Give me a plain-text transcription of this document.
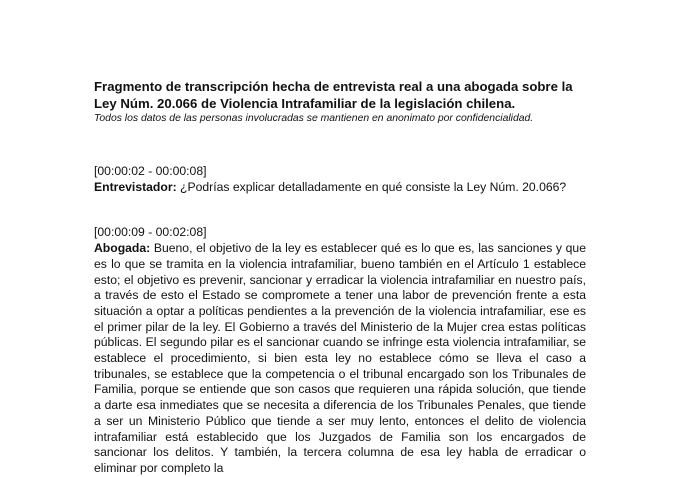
Fragmento de transcripción hecha de entrevista real a una abogada sobre la Ley Núm. 20.066 de Violencia Intrafamiliar de la legislación chilena.

Todos los datos de las personas involucradas se mantienen en anonimato por confidencialidad.

[00:00:02 - 00:00:08]

Entrevistador: ¿Podrías explicar detalladamente en qué consiste la Ley Núm. 20.066?

[00:00:09 - 00:02:08]

Abogada: Bueno, el objetivo de la ley es establecer qué es lo que es, las sanciones y que es lo que se tramita en la violencia intrafamiliar, bueno también en el Artículo 1 establece esto; el objetivo es prevenir, sancionar y erradicar la violencia intrafamiliar en nuestro país, a través de esto el Estado se compromete a tener una labor de prevención frente a esta situación a optar a políticas pendientes a la prevención de la violencia intrafamiliar, ese es el primer pilar de la ley. El Gobierno a través del Ministerio de la Mujer crea estas políticas públicas. El segundo pilar es el sancionar cuando se infringe esta violencia intrafamiliar, se establece el procedimiento, si bien esta ley no establece cómo se lleva el caso a tribunales, se establece que la competencia o el tribunal encargado son los Tribunales de Familia, porque se entiende que son casos que requieren una rápida solución, que tiende a darte esa inmediates que se necesita a diferencia de los Tribunales Penales, que tiende a ser un Ministerio Público que tiende a ser muy lento, entonces el delito de violencia intrafamiliar está establecido que los Juzgados de Familia son los encargados de sancionar los delitos. Y también, la tercera columna de esa ley habla de erradicar o eliminar por completo la
